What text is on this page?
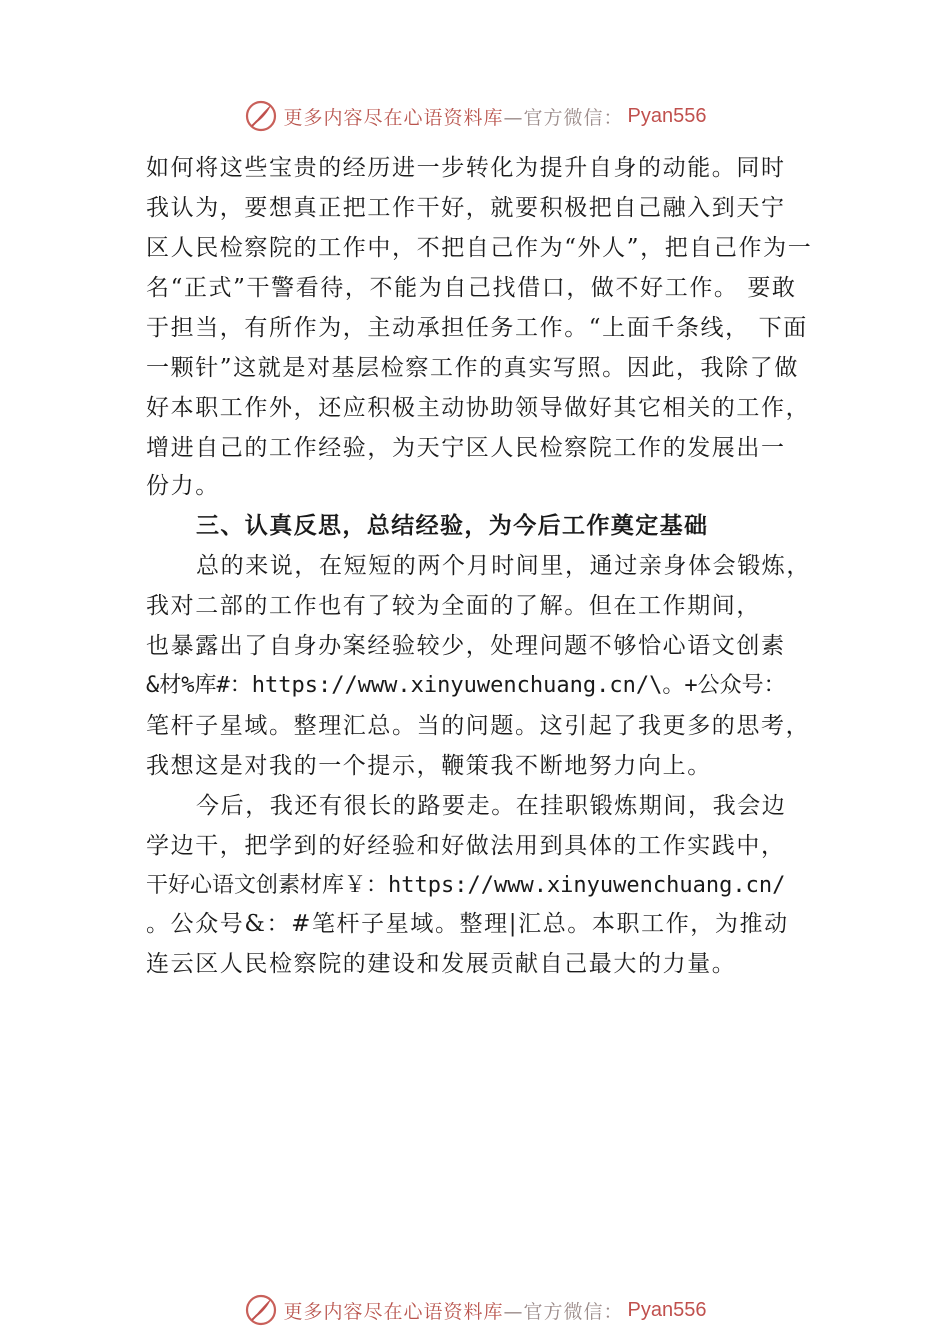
更多内容尽在心语资料库 —官方微信： Pyan556
如何将这些宝贵的经历进一步转化为提升自身的动能。同时
我认为，要想真正把工作干好，就要积极把自己融入到天宁
区人民检察院的工作中，不把自己作为“外人”，把自己作为一
名“正式”干警看待，不能为自己找借口，做不好工作。 要敢
于担当，有所作为，主动承担任务工作。“上面千条线， 下面
一颗针”这就是对基层检察工作的真实写照。因此，我除了做
好本职工作外，还应积极主动协助领导做好其它相关的工作，
增进自己的工作经验，为天宁区人民检察院工作的发展出一
份力。
三、认真反思，总结经验，为今后工作奠定基础
总的来说，在短短的两个月时间里，通过亲身体会锻炼，
我对二部的工作也有了较为全面的了解。但在工作期间，
也暴露出了自身办案经验较少，处理问题不够恰心语文创素
&材%库#：https://www.xinyuwenchuang.cn/\。+公众号：
笔杆子星域。整理汇总。当的问题。这引起了我更多的思考，
我想这是对我的一个提示，鞭策我不断地努力向上。
今后，我还有很长的路要走。在挂职锻炼期间，我会边
学边干，把学到的好经验和好做法用到具体的工作实践中，
干好心语文创素材库￥：https://www.xinyuwenchuang.cn/
。公众号&：#笔杆子星域。整理|汇总。本职工作，为推动
连云区人民检察院的建设和发展贡献自己最大的力量。
更多内容尽在心语资料库 —官方微信： Pyan556
